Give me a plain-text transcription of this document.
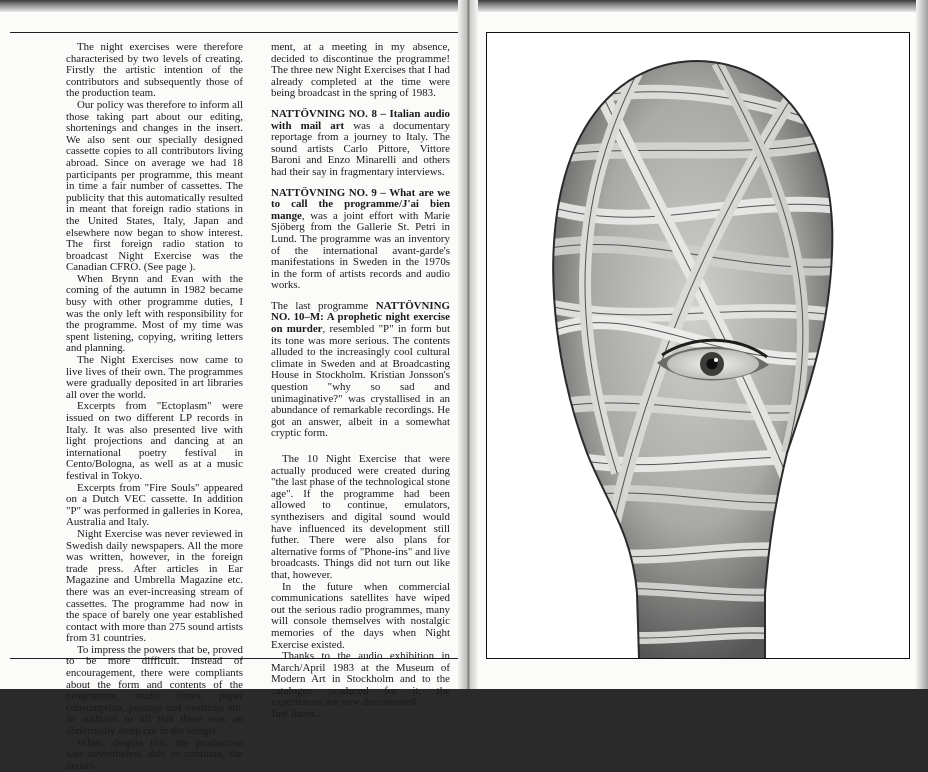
The night exercises were therefore characterised by two levels of creating. Firstly the artistic intention of the contributors and subsequently those of the production team.

Our policy was therefore to inform all those taking part about our editing, shortenings and changes in the insert. We also sent our specially designed cassette copies to all contributors living abroad. Since on average we had 18 participants per programme, this meant in time a fair number of cassettes. The publicity that this automatically resulted in meant that foreign radio stations in the United States, Italy, Japan and elsewhere now began to show interest. The first foreign radio station to broadcast Night Exercise was the Canadian CFRO. (See page ).

When Brynn and Evan with the coming of the autumn in 1982 became busy with other programme duties, I was the only left with responsibility for the programme. Most of my time was spent listening, copying, writing letters and planning.

The Night Exercises now came to live lives of their own. The programmes were gradually deposited in art libraries all over the world.

Excerpts from "Ectoplasm" were issued on two different LP records in Italy. It was also presented live with light projections and dancing at an international poetry festival in Cento/Bologna, as well as at a music festival in Tokyo.

Excerpts from "Fire Souls" appeared on a Dutch VEC cassette. In addition "P" was performed in galleries in Korea, Australia and Italy.

Night Exercise was never reviewed in Swedish daily newspapers. All the more was written, however, in the foreign trade press. After articles in Ear Magazine and Umbrella Magazine etc. there was an ever-increasing stream of cassettes. The programme had now in the space of barely one year established contact with more than 275 sound artists from 31 countries.

To impress the powers that be, proved to be more difficult. Instead of encouragement, there were compliants about the form and contents of the programme, studio times, paper consumption, postage and overtime etc. In addition to all this there was an abnormally steep cut in the budget.

When, despite this, the production was nevertheless able to continue, the depart-

ment, at a meeting in my absence, decided to discontinue the programme! The three new Night Exercises that I had already completed at the time were being broadcast in the spring of 1983.

NATTÖVNING NO. 8 – Italian audio with mail art was a documentary reportage from a journey to Italy. The sound artists Carlo Pittore, Vittore Baroni and Enzo Minarelli and others had their say in fragmentary interviews.

NATTÖVNING NO. 9 – What are we to call the programme/J'ai bien mange, was a joint effort with Marie Sjöberg from the Gallerie St. Petri in Lund. The programme was an inventory of the international avant-garde's manifestations in Sweden in the 1970s in the form of artists records and audio works.

The last programme NATTÖVNING NO. 10–M: A prophetic night exercise on murder, resembled "P" in form but its tone was more serious. The contents alluded to the increasingly cool cultural climate in Sweden and at Broadcasting House in Stockholm. Kristian Jonsson's question "why so sad and unimaginative?" was crystallised in an abundance of remarkable recordings. He got an answer, albeit in a somewhat cryptic form.

The 10 Night Exercise that were actually produced were created during "the last phase of the technological stone age". If the programme had been allowed to continue, emulators, synthezisers and digital sound would have influenced its development still futher. There were also plans for alternative forms of "Phone-ins" and live broadcasts. Things did not turn out like that, however.

In the future when commercial communications satellites have wiped out the serious radio programmes, many will console themselves with nostalgic memories of the days when Night Exercise existed.

Thanks to the audio exhibition in March/April 1983 at the Museum of Modern Art in Stockholm and to the catalogue produced for it, the experiences are now documented.

Just listen...
